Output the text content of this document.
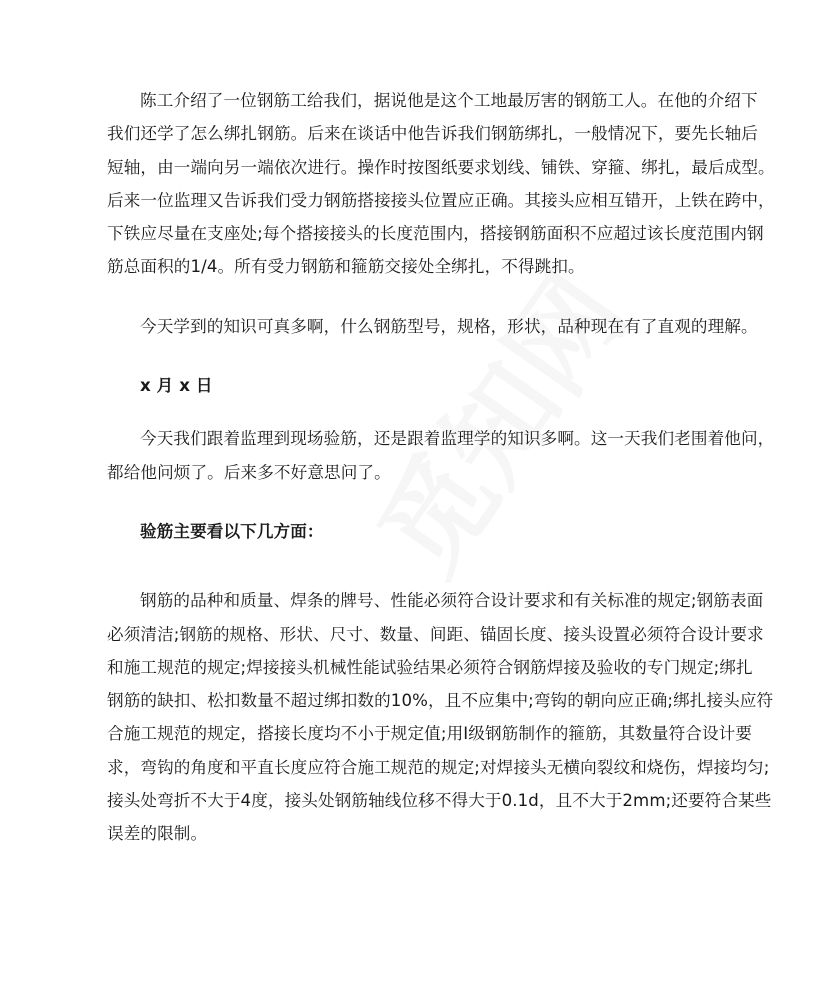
陈工介绍了一位钢筋工给我们，据说他是这个工地最厉害的钢筋工人。在他的介绍下
我们还学了怎么绑扎钢筋。后来在谈话中他告诉我们钢筋绑扎，一般情况下，要先长轴后
短轴，由一端向另一端依次进行。操作时按图纸要求划线、铺铁、穿箍、绑扎，最后成型。
后来一位监理又告诉我们受力钢筋搭接接头位置应正确。其接头应相互错开，上铁在跨中，
下铁应尽量在支座处;每个搭接接头的长度范围内，搭接钢筋面积不应超过该长度范围内钢
筋总面积的1/4。所有受力钢筋和箍筋交接处全绑扎，不得跳扣。
今天学到的知识可真多啊，什么钢筋型号，规格，形状，品种现在有了直观的理解。
x 月 x 日
今天我们跟着监理到现场验筋，还是跟着监理学的知识多啊。这一天我们老围着他问，
都给他问烦了。后来多不好意思问了。
验筋主要看以下几方面：
钢筋的品种和质量、焊条的牌号、性能必须符合设计要求和有关标准的规定;钢筋表面
必须清洁;钢筋的规格、形状、尺寸、数量、间距、锚固长度、接头设置必须符合设计要求
和施工规范的规定;焊接接头机械性能试验结果必须符合钢筋焊接及验收的专门规定;绑扎
钢筋的缺扣、松扣数量不超过绑扣数的10%，且不应集中;弯钩的朝向应正确;绑扎接头应符
合施工规范的规定，搭接长度均不小于规定值;用Ⅰ级钢筋制作的箍筋，其数量符合设计要
求，弯钩的角度和平直长度应符合施工规范的规定;对焊接头无横向裂纹和烧伤，焊接均匀;
接头处弯折不大于4度，接头处钢筋轴线位移不得大于0.1d，且不大于2mm;还要符合某些
误差的限制。
